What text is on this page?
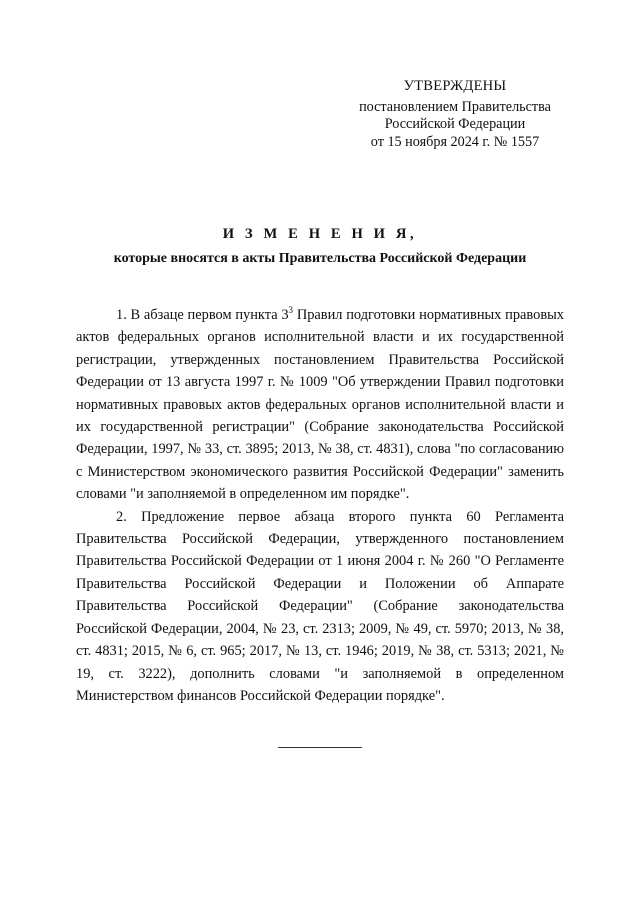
УТВЕРЖДЕНЫ
постановлением Правительства
Российской Федерации
от 15 ноября 2024 г. № 1557
И З М Е Н Е Н И Я,
которые вносятся в акты Правительства Российской Федерации

1. В абзаце первом пункта $3^3$ Правил подготовки нормативных правовых актов федеральных органов исполнительной власти и их государственной регистрации, утвержденных постановлением Правительства Российской Федерации от 13 августа 1997 г. № 1009 "Об утверждении Правил подготовки нормативных правовых актов федеральных органов исполнительной власти и их государственной регистрации" (Собрание законодательства Российской Федерации, 1997, № 33, ст. 3895; 2013, № 38, ст. 4831), слова "по согласованию с Министерством экономического развития Российской Федерации" заменить словами "и заполняемой в определенном им порядке".

2. Предложение первое абзаца второго пункта 60 Регламента Правительства Российской Федерации, утвержденного постановлением Правительства Российской Федерации от 1 июня 2004 г. № 260 "О Регламенте Правительства Российской Федерации и Положении об Аппарате Правительства Российской Федерации" (Собрание законодательства Российской Федерации, 2004, № 23, ст. 2313; 2009, № 49, ст. 5970; 2013, № 38, ст. 4831; 2015, № 6, ст. 965; 2017, № 13, ст. 1946; 2019, № 38, ст. 5313; 2021, № 19, ст. 3222), дополнить словами "и заполняемой в определенном Министерством финансов Российской Федерации порядке".
